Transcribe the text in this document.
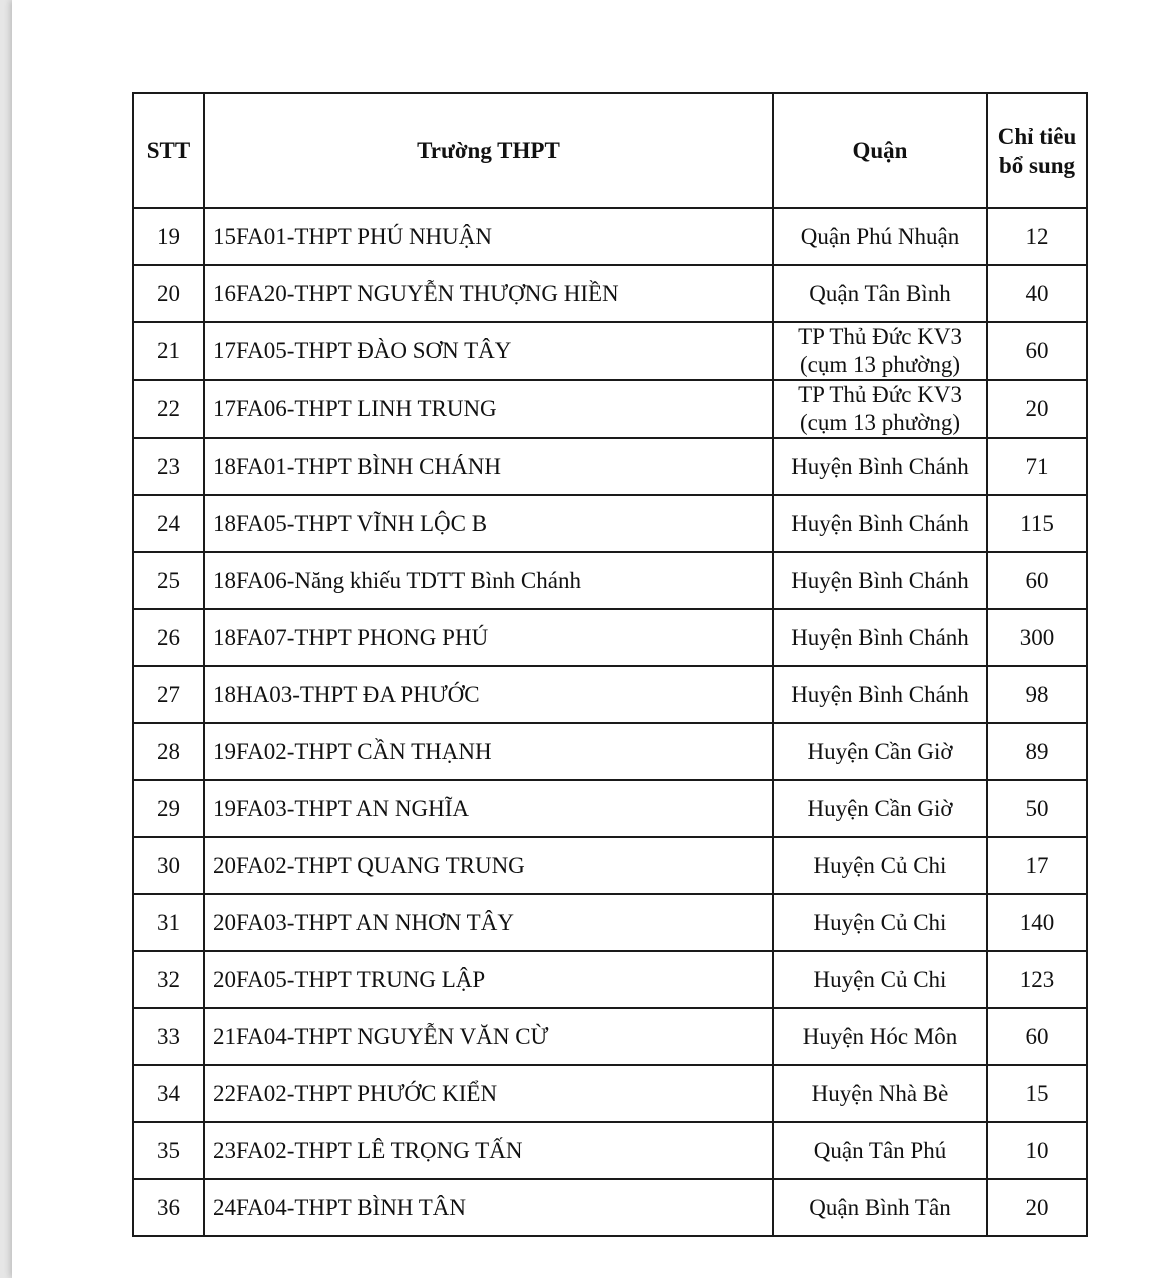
STT	Trường THPT	Quận	Chỉ tiêu bổ sung
19	15FA01-THPT PHÚ NHUẬN	Quận Phú Nhuận	12
20	16FA20-THPT NGUYỄN THƯỢNG HIỀN	Quận Tân Bình	40
21	17FA05-THPT ĐÀO SƠN TÂY	TP Thủ Đức KV3 (cụm 13 phường)	60
22	17FA06-THPT LINH TRUNG	TP Thủ Đức KV3 (cụm 13 phường)	20
23	18FA01-THPT BÌNH CHÁNH	Huyện Bình Chánh	71
24	18FA05-THPT VĨNH LỘC B	Huyện Bình Chánh	115
25	18FA06-Năng khiếu TDTT Bình Chánh	Huyện Bình Chánh	60
26	18FA07-THPT PHONG PHÚ	Huyện Bình Chánh	300
27	18HA03-THPT ĐA PHƯỚC	Huyện Bình Chánh	98
28	19FA02-THPT CẦN THẠNH	Huyện Cần Giờ	89
29	19FA03-THPT AN NGHĨA	Huyện Cần Giờ	50
30	20FA02-THPT QUANG TRUNG	Huyện Củ Chi	17
31	20FA03-THPT AN NHƠN TÂY	Huyện Củ Chi	140
32	20FA05-THPT TRUNG LẬP	Huyện Củ Chi	123
33	21FA04-THPT NGUYỄN VĂN CỪ	Huyện Hóc Môn	60
34	22FA02-THPT PHƯỚC KIỂN	Huyện Nhà Bè	15
35	23FA02-THPT LÊ TRỌNG TẤN	Quận Tân Phú	10
36	24FA04-THPT BÌNH TÂN	Quận Bình Tân	20
